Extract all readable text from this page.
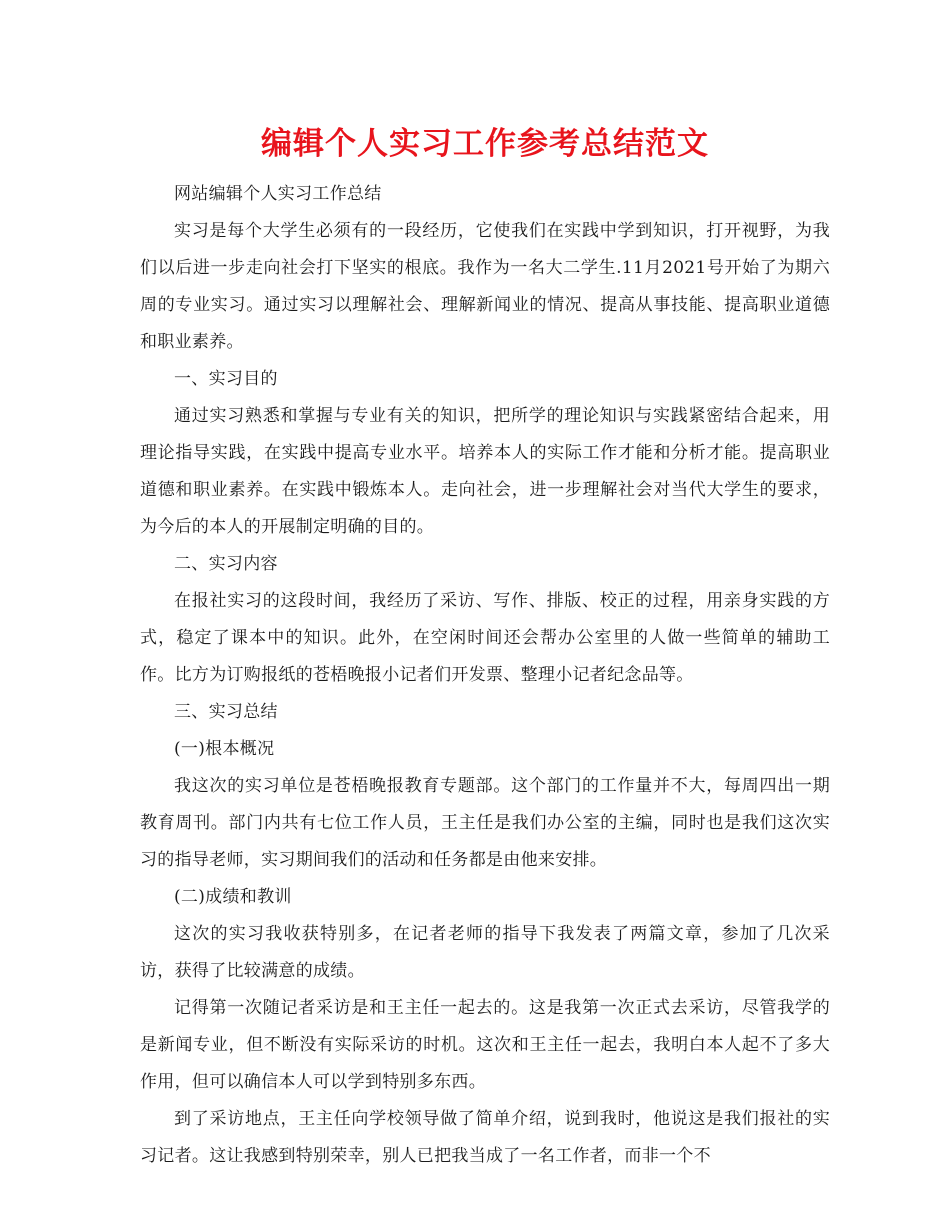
编辑个人实习工作参考总结范文

网站编辑个人实习工作总结

实习是每个大学生必须有的一段经历，它使我们在实践中学到知识，打开视野，为我们以后进一步走向社会打下坚实的根底。我作为一名大二学生.11月2021号开始了为期六周的专业实习。通过实习以理解社会、理解新闻业的情况、提高从事技能、提高职业道德和职业素养。

一、实习目的

通过实习熟悉和掌握与专业有关的知识，把所学的理论知识与实践紧密结合起来，用理论指导实践，在实践中提高专业水平。培养本人的实际工作才能和分析才能。提高职业道德和职业素养。在实践中锻炼本人。走向社会，进一步理解社会对当代大学生的要求，为今后的本人的开展制定明确的目的。

二、实习内容

在报社实习的这段时间，我经历了采访、写作、排版、校正的过程，用亲身实践的方式，稳定了课本中的知识。此外，在空闲时间还会帮办公室里的人做一些简单的辅助工作。比方为订购报纸的苍梧晚报小记者们开发票、整理小记者纪念品等。

三、实习总结

(一)根本概况

我这次的实习单位是苍梧晚报教育专题部。这个部门的工作量并不大，每周四出一期教育周刊。部门内共有七位工作人员，王主任是我们办公室的主编，同时也是我们这次实习的指导老师，实习期间我们的活动和任务都是由他来安排。

(二)成绩和教训

这次的实习我收获特别多，在记者老师的指导下我发表了两篇文章，参加了几次采访，获得了比较满意的成绩。

记得第一次随记者采访是和王主任一起去的。这是我第一次正式去采访，尽管我学的是新闻专业，但不断没有实际采访的时机。这次和王主任一起去，我明白本人起不了多大作用，但可以确信本人可以学到特别多东西。

到了采访地点，王主任向学校领导做了简单介绍，说到我时，他说这是我们报社的实习记者。这让我感到特别荣幸，别人已把我当成了一名工作者，而非一个不
